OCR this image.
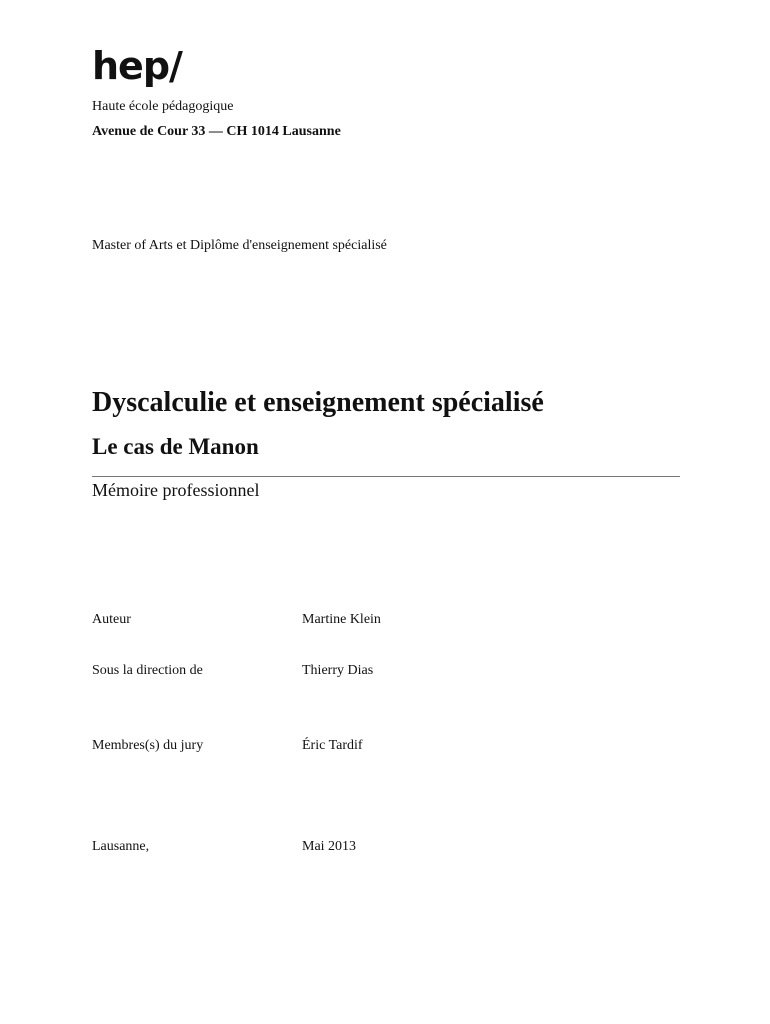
hep/
Haute école pédagogique
Avenue de Cour 33 — CH 1014 Lausanne
Master of Arts et Diplôme d'enseignement spécialisé
Dyscalculie et enseignement spécialisé
Le cas de Manon
Mémoire professionnel
Auteur	Martine Klein
Sous la direction de	Thierry Dias
Membres(s) du jury	Éric Tardif
Lausanne,	Mai 2013
